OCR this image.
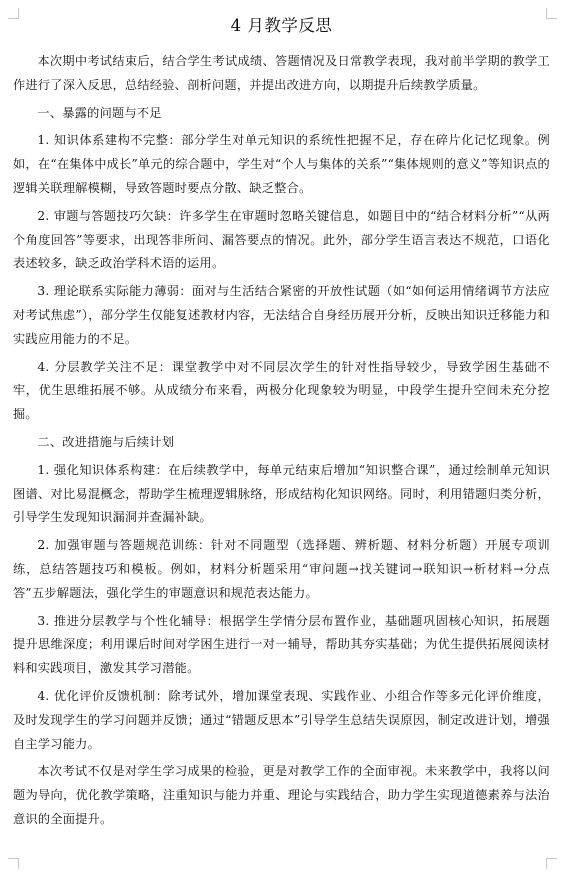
4 月教学反思

本次期中考试结束后，结合学生考试成绩、答题情况及日常教学表现，我对前半学期的教学工作进行了深入反思，总结经验、剖析问题，并提出改进方向，以期提升后续教学质量。

一、暴露的问题与不足

1. 知识体系建构不完整：部分学生对单元知识的系统性把握不足，存在碎片化记忆现象。例如，在“在集体中成长”单元的综合题中，学生对“个人与集体的关系”“集体规则的意义”等知识点的逻辑关联理解模糊，导致答题时要点分散、缺乏整合。

2. 审题与答题技巧欠缺：许多学生在审题时忽略关键信息，如题目中的“结合材料分析”“从两个角度回答”等要求，出现答非所问、漏答要点的情况。此外，部分学生语言表达不规范，口语化表述较多，缺乏政治学科术语的运用。

3. 理论联系实际能力薄弱：面对与生活结合紧密的开放性试题（如“如何运用情绪调节方法应对考试焦虑”），部分学生仅能复述教材内容，无法结合自身经历展开分析，反映出知识迁移能力和实践应用能力的不足。

4. 分层教学关注不足：课堂教学中对不同层次学生的针对性指导较少，导致学困生基础不牢，优生思维拓展不够。从成绩分布来看，两极分化现象较为明显，中段学生提升空间未充分挖掘。

二、改进措施与后续计划

1. 强化知识体系构建：在后续教学中，每单元结束后增加“知识整合课”，通过绘制单元知识图谱、对比易混概念，帮助学生梳理逻辑脉络，形成结构化知识网络。同时，利用错题归类分析，引导学生发现知识漏洞并查漏补缺。

2. 加强审题与答题规范训练：针对不同题型（选择题、辨析题、材料分析题）开展专项训练，总结答题技巧和模板。例如，材料分析题采用“审问题→找关键词→联知识→析材料→分点答”五步解题法，强化学生的审题意识和规范表达能力。

3. 推进分层教学与个性化辅导：根据学生学情分层布置作业，基础题巩固核心知识，拓展题提升思维深度；利用课后时间对学困生进行一对一辅导，帮助其夯实基础；为优生提供拓展阅读材料和实践项目，激发其学习潜能。

4. 优化评价反馈机制：除考试外，增加课堂表现、实践作业、小组合作等多元化评价维度，及时发现学生的学习问题并反馈；通过“错题反思本”引导学生总结失误原因，制定改进计划，增强自主学习能力。

本次考试不仅是对学生学习成果的检验，更是对教学工作的全面审视。未来教学中，我将以问题为导向，优化教学策略，注重知识与能力并重、理论与实践结合，助力学生实现道德素养与法治意识的全面提升。
